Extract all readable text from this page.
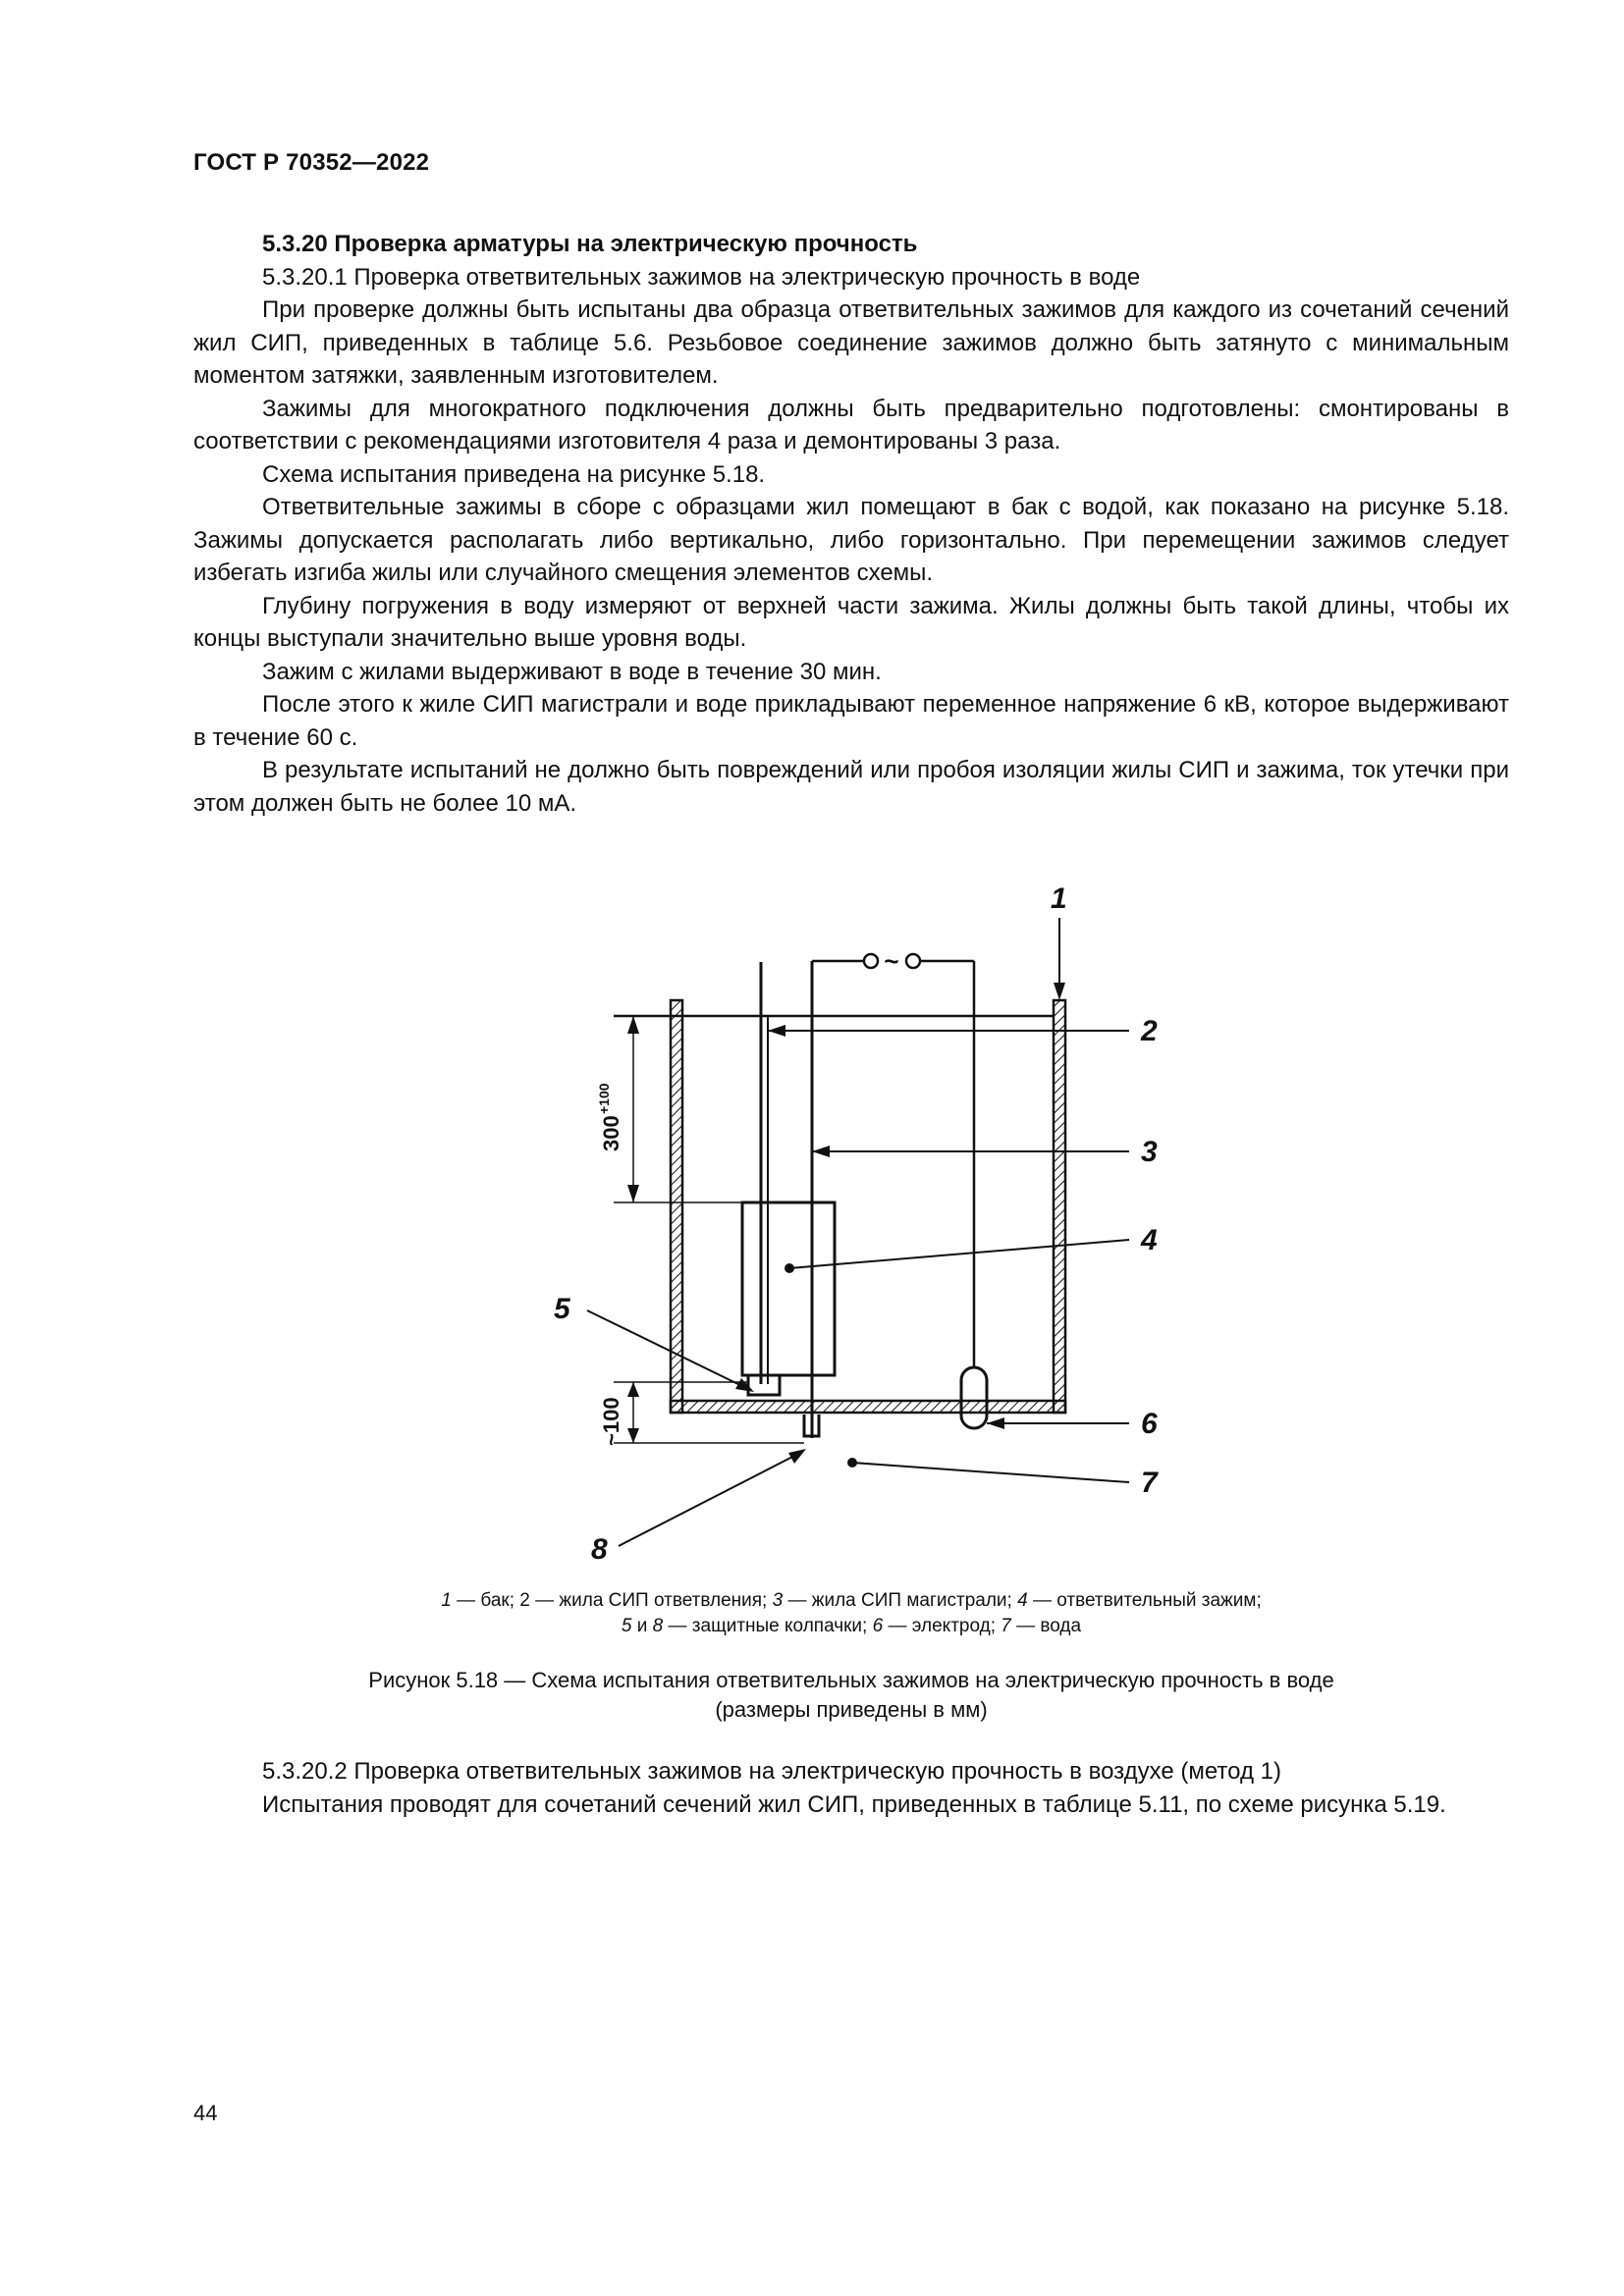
ГОСТ Р 70352—2022

5.3.20 Проверка арматуры на электрическую прочность

5.3.20.1 Проверка ответвительных зажимов на электрическую прочность в воде

При проверке должны быть испытаны два образца ответвительных зажимов для каждого из сочетаний сечений жил СИП, приведенных в таблице 5.6. Резьбовое соединение зажимов должно быть затянуто с минимальным моментом затяжки, заявленным изготовителем.

Зажимы для многократного подключения должны быть предварительно подготовлены: смонтированы в соответствии с рекомендациями изготовителя 4 раза и демонтированы 3 раза.

Схема испытания приведена на рисунке 5.18.

Ответвительные зажимы в сборе с образцами жил помещают в бак с водой, как показано на рисунке 5.18. Зажимы допускается располагать либо вертикально, либо горизонтально. При перемещении зажимов следует избегать изгиба жилы или случайного смещения элементов схемы.

Глубину погружения в воду измеряют от верхней части зажима. Жилы должны быть такой длины, чтобы их концы выступали значительно выше уровня воды.

Зажим с жилами выдерживают в воде в течение 30 мин.

После этого к жиле СИП магистрали и воде прикладывают переменное напряжение 6 кВ, которое выдерживают в течение 60 с.

В результате испытаний не должно быть повреждений или пробоя изоляции жилы СИП и зажима, ток утечки при этом должен быть не более 10 мА.

~
300
+100
~100
1
2
3
4
5
6
7
8
1 — бак; 2 — жила СИП ответвления; 3 — жила СИП магистрали; 4 — ответвительный зажим;
5 и 8 — защитные колпачки; 6 — электрод; 7 — вода
Рисунок 5.18 — Схема испытания ответвительных зажимов на электрическую прочность в воде
(размеры приведены в мм)

5.3.20.2 Проверка ответвительных зажимов на электрическую прочность в воздухе (метод 1)

Испытания проводят для сочетаний сечений жил СИП, приведенных в таблице 5.11, по схеме рисунка 5.19.

44
